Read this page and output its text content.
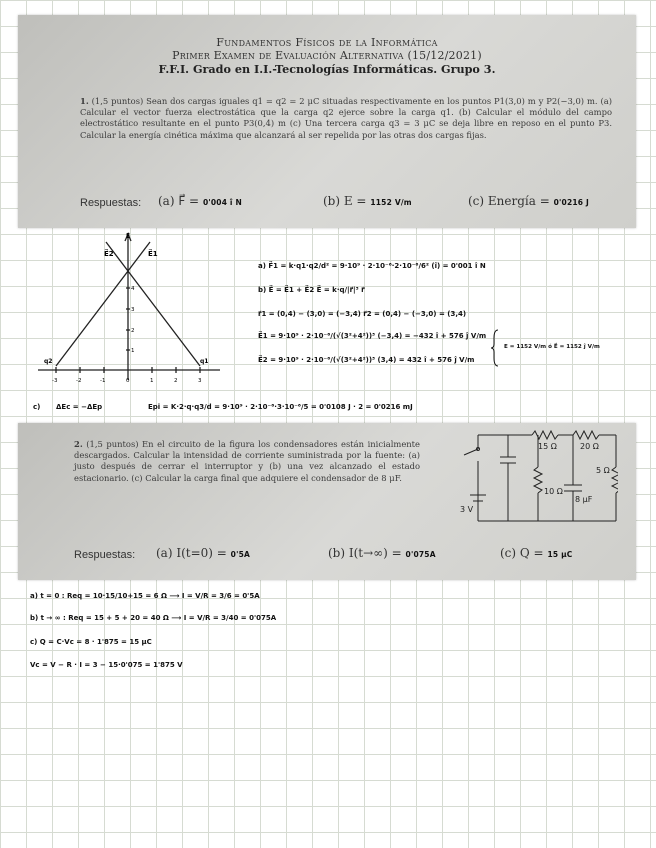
Fundamentos Físicos de la Informática
Primer Examen de Evaluación Alternativa (15/12/2021)
F.F.I. Grado en I.I.-Tecnologías Informáticas. Grupo 3.
1. (1,5 puntos) Sean dos cargas iguales q1 = q2 = 2 μC situadas respectivamente en los puntos P1(3,0) m y P2(−3,0) m. (a) Calcular el vector fuerza electrostática que la carga q2 ejerce sobre la carga q1. (b) Calcular el módulo del campo electrostático resultante en el punto P3(0,4) m (c) Una tercera carga q3 = 3 μC se deja libre en reposo en el punto P3. Calcular la energía cinética máxima que alcanzará al ser repelida por las otras dos cargas fijas.
Respuestas: (a) F⃗ = 0'004 î N	(b) E = 1152 V/m	(c) Energía = 0'0216 J
E⃗2	E⃗1
E⃗
q2	q1
-3	-2	-1	0	1	2	3
4
3
2
1
a) F⃗1 = k·q1·q2/d² = 9·10⁹ · 2·10⁻⁶·2·10⁻⁶/6² (î) = 0'001 î N
b) E⃗ = E⃗1 + E⃗2 E⃗ = k·q/|r⃗|³ r⃗
r⃗1 = (0,4) − (3,0) = (−3,4) r⃗2 = (0,4) − (−3,0) = (3,4)
E⃗1 = 9·10⁹ · 2·10⁻⁶/(√(3²+4²))³ (−3,4) = −432 î + 576 ĵ V/m
E⃗2 = 9·10⁹ · 2·10⁻⁶/(√(3²+4²))³ (3,4) = 432 î + 576 ĵ V/m
E = 1152 V/m ó E⃗ = 1152 ĵ V/m
c) ΔEc = −ΔEp	Epi = K·2·q·q3/d = 9·10⁹ · 2·10⁻⁶·3·10⁻⁶/5 = 0'0108 J · 2 = 0'0216 mJ
2. (1,5 puntos) En el circuito de la figura los condensadores están inicialmente descargados. Calcular la intensidad de corriente suministrada por la fuente: (a) justo después de cerrar el interruptor y (b) una vez alcanzado el estado estacionario. (c) Calcular la carga final que adquiere el condensador de 8 μF.
15 Ω	20 Ω
5 Ω
10 Ω
8 μF
3 V
Respuestas: (a) I(t=0) = 0'5A	(b) I(t→∞) = 0'075A	(c) Q = 15 μC
a) t = 0 : Req = 10·15/10+15 = 6 Ω ⟶ I = V/R = 3/6 = 0'5A
b) t → ∞ : Req = 15 + 5 + 20 = 40 Ω ⟶ I = V/R = 3/40 = 0'075A
c) Q = C·Vc = 8 · 1'875 = 15 μC
Vc = V − R · I = 3 − 15·0'075 = 1'875 V
